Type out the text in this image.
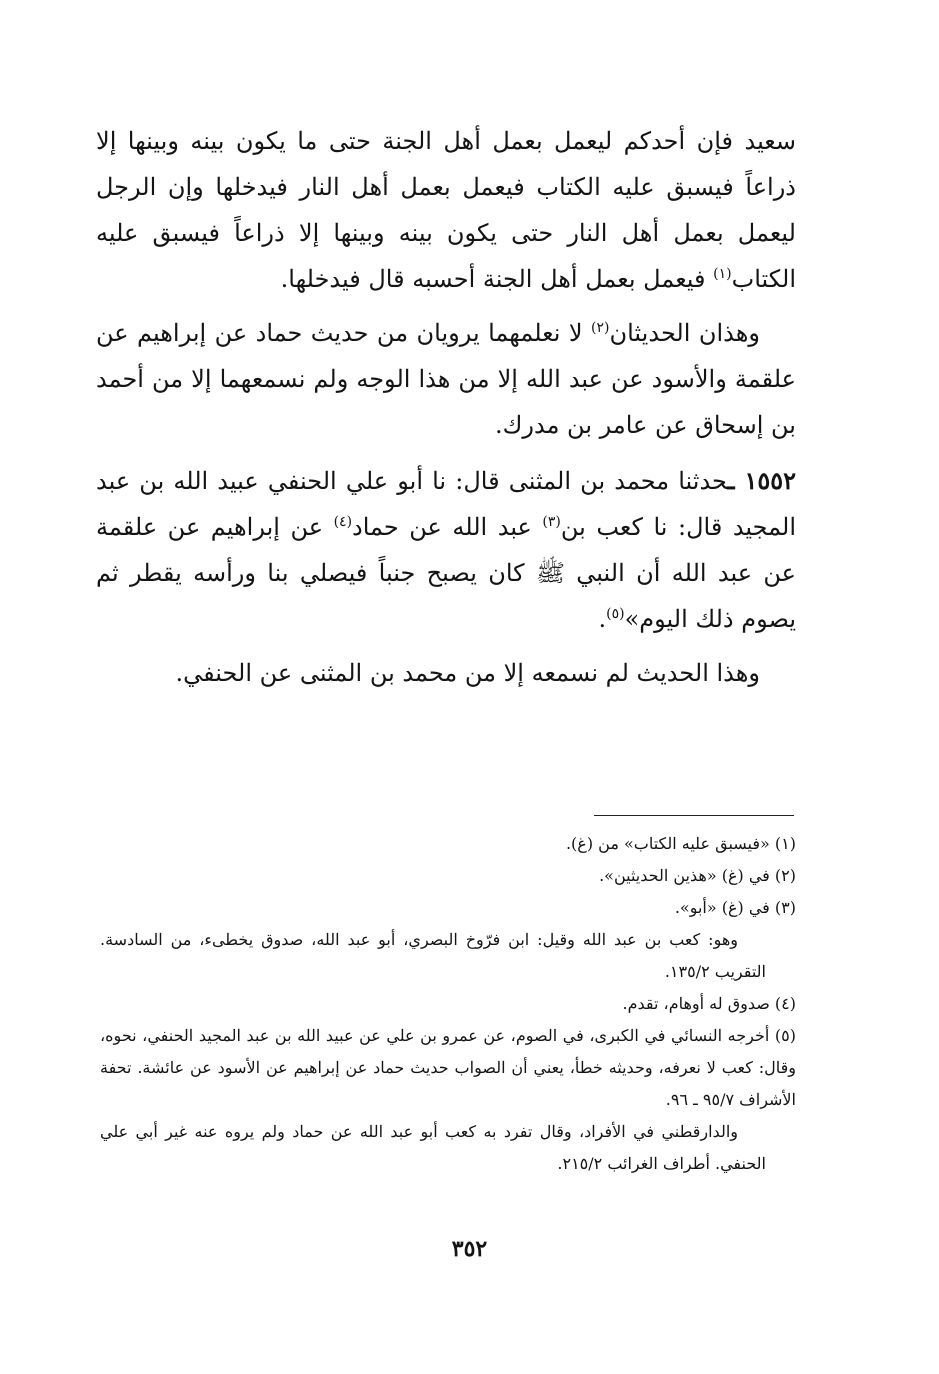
سعيد فإن أحدكم ليعمل بعمل أهل الجنة حتى ما يكون بينه وبينها إلا ذراعاً فيسبق عليه الكتاب فيعمل بعمل أهل النار فيدخلها وإن الرجل ليعمل بعمل أهل النار حتى يكون بينه وبينها إلا ذراعاً فيسبق عليه الكتاب$^{(١)}$ فيعمل بعمل أهل الجنة أحسبه قال فيدخلها.

وهذان الحديثان$^{(٢)}$ لا نعلمهما يرويان من حديث حماد عن إبراهيم عن علقمة والأسود عن عبد الله إلا من هذا الوجه ولم نسمعهما إلا من أحمد بن إسحاق عن عامر بن مدرك.

١٥٥٢ ـحدثنا محمد بن المثنى قال: نا أبو علي الحنفي عبيد الله بن عبد المجيد قال: نا كعب بن$^{(٣)}$ عبد الله عن حماد$^{(٤)}$ عن إبراهيم عن علقمة عن عبد الله أن النبي ﷺ كان يصبح جنباً فيصلي بنا ورأسه يقطر ثم يصوم ذلك اليوم»$^{(٥)}$.

وهذا الحديث لم نسمعه إلا من محمد بن المثنى عن الحنفي.

(١) «فيسبق عليه الكتاب» من (غ).

(٢) في (غ) «هذين الحديثين».

(٣) في (غ) «أبو».

وهو: كعب بن عبد الله وقيل: ابن فرّوخ البصري، أبو عبد الله، صدوق يخطىء، من السادسة. التقريب ١٣٥/٢.

(٤) صدوق له أوهام، تقدم.

(٥) أخرجه النسائي في الكبرى، في الصوم، عن عمرو بن علي عن عبيد الله بن عبد المجيد الحنفي، نحوه، وقال: كعب لا نعرفه، وحديثه خطأ، يعني أن الصواب حديث حماد عن إبراهيم عن الأسود عن عائشة. تحفة الأشراف ٩٥/٧ ـ ٩٦.

والدارقطني في الأفراد، وقال تفرد به كعب أبو عبد الله عن حماد ولم يروه عنه غير أبي علي الحنفي. أطراف الغرائب ٢١٥/٢.

٣٥٢
